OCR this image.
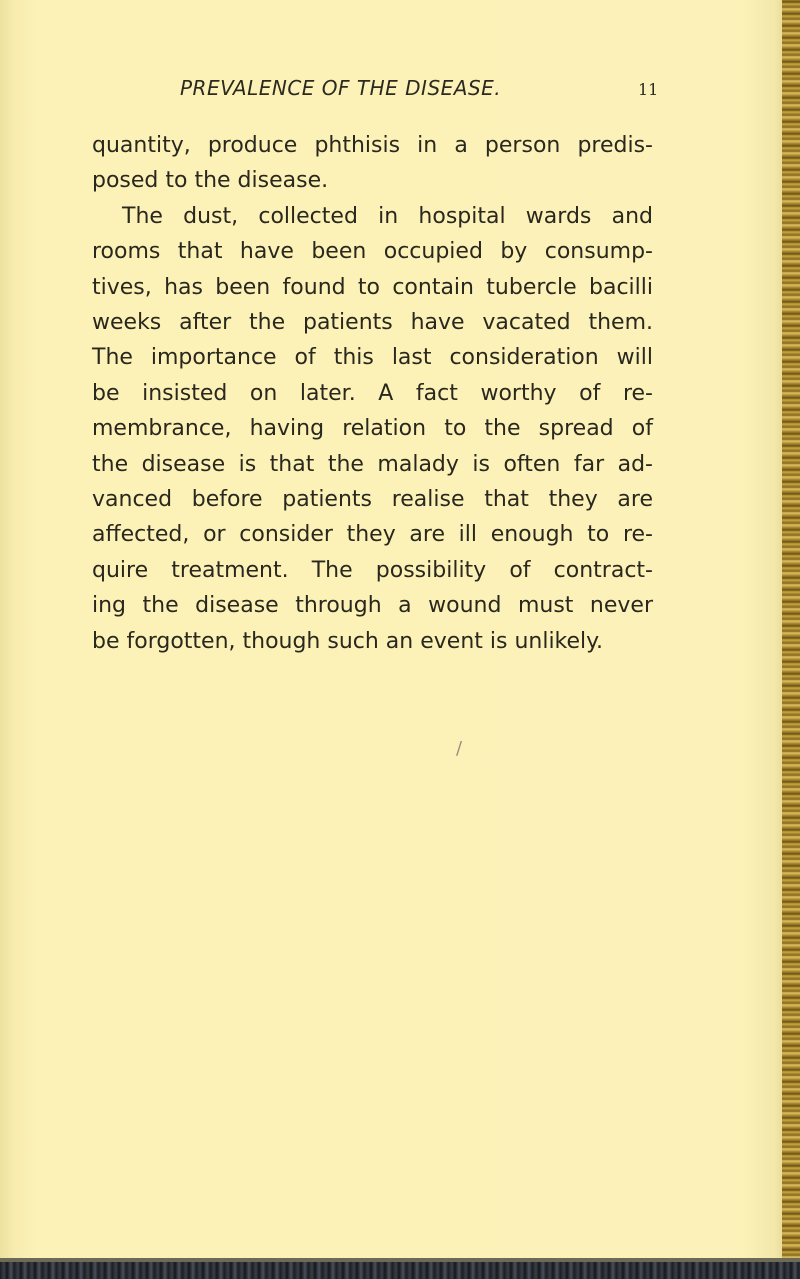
PREVALENCE OF THE DISEASE.	11
quantity, produce phthisis in a person predis-
posed to the disease.
The dust, collected in hospital wards and
rooms that have been occupied by consump-
tives, has been found to contain tubercle bacilli
weeks after the patients have vacated them.
The importance of this last consideration will
be insisted on later. A fact worthy of re-
membrance, having relation to the spread of
the disease is that the malady is often far ad-
vanced before patients realise that they are
affected, or consider they are ill enough to re-
quire treatment. The possibility of contract-
ing the disease through a wound must never
be forgotten, though such an event is unlikely.
/
